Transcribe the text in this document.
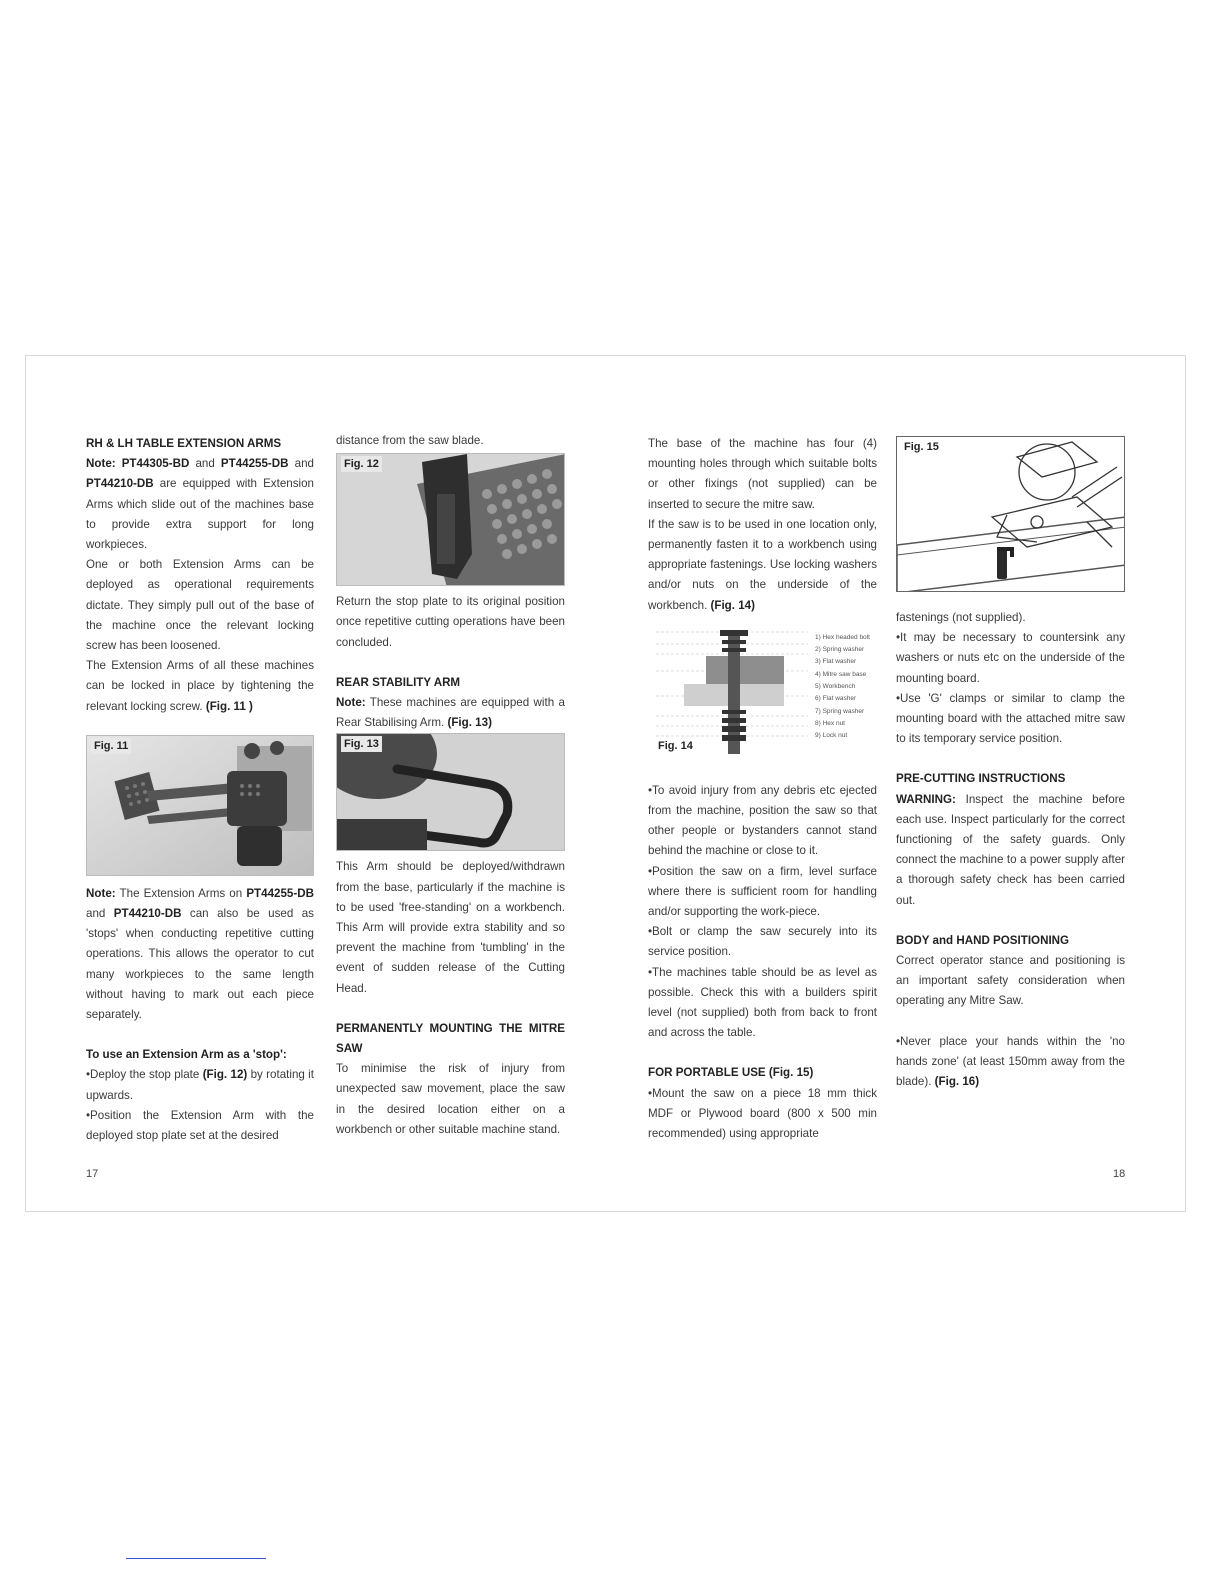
RH & LH TABLE EXTENSION ARMS

Note: PT44305-BD and PT44255-DB and PT44210-DB are equipped with Extension Arms which slide out of the machines base to provide extra support for long workpieces.

One or both Extension Arms can be deployed as operational requirements dictate. They simply pull out of the base of the machine once the relevant locking screw has been loosened.

The Extension Arms of all these machines can be locked in place by tightening the relevant locking screw. (Fig. 11 )

Fig. 11

Note: The Extension Arms on PT44255-DB and PT44210-DB can also be used as 'stops' when conducting repetitive cutting operations. This allows the operator to cut many workpieces to the same length without having to mark out each piece separately.

To use an Extension Arm as a 'stop':

•Deploy the stop plate (Fig. 12) by rotating it upwards.

•Position the Extension Arm with the deployed stop plate set at the desired

distance from the saw blade.

Fig. 12

Return the stop plate to its original position once repetitive cutting operations have been concluded.

REAR STABILITY ARM

Note: These machines are equipped with a Rear Stabilising Arm. (Fig. 13)

Fig. 13

This Arm should be deployed/withdrawn from the base, particularly if the machine is to be used 'free-standing' on a workbench. This Arm will provide extra stability and so prevent the machine from 'tumbling' in the event of sudden release of the Cutting Head.

PERMANENTLY MOUNTING THE MITRE SAW

To minimise the risk of injury from unexpected saw movement, place the saw in the desired location either on a workbench or other suitable machine stand.

The base of the machine has four (4) mounting holes through which suitable bolts or other fixings (not supplied) can be inserted to secure the mitre saw.

If the saw is to be used in one location only, permanently fasten it to a workbench using appropriate fastenings. Use locking washers and/or nuts on the underside of the workbench. (Fig. 14)

1) Hex headed bolt
2) Spring washer
3) Flat washer
4) Mitre saw base
5) Workbench
6) Flat washer
7) Spring washer
8) Hex nut
9) Lock nut
Fig. 14

•To avoid injury from any debris etc ejected from the machine, position the saw so that other people or bystanders cannot stand behind the machine or close to it.

•Position the saw on a firm, level surface where there is sufficient room for handling and/or supporting the work-piece.

•Bolt or clamp the saw securely into its service position.

•The machines table should be as level as possible. Check this with a builders spirit level (not supplied) both from back to front and across the table.

FOR PORTABLE USE (Fig. 15)

•Mount the saw on a piece 18 mm thick MDF or Plywood board (800 x 500 min recommended) using appropriate

Fig. 15

fastenings (not supplied).

•It may be necessary to countersink any washers or nuts etc on the underside of the mounting board.

•Use 'G' clamps or similar to clamp the mounting board with the attached mitre saw to its temporary service position.

PRE-CUTTING INSTRUCTIONS

WARNING: Inspect the machine before each use. Inspect particularly for the correct functioning of the safety guards. Only connect the machine to a power supply after a thorough safety check has been carried out.

BODY and HAND POSITIONING

Correct operator stance and positioning is an important safety consideration when operating any Mitre Saw.

•Never place your hands within the 'no hands zone' (at least 150mm away from the blade). (Fig. 16)

17	18
